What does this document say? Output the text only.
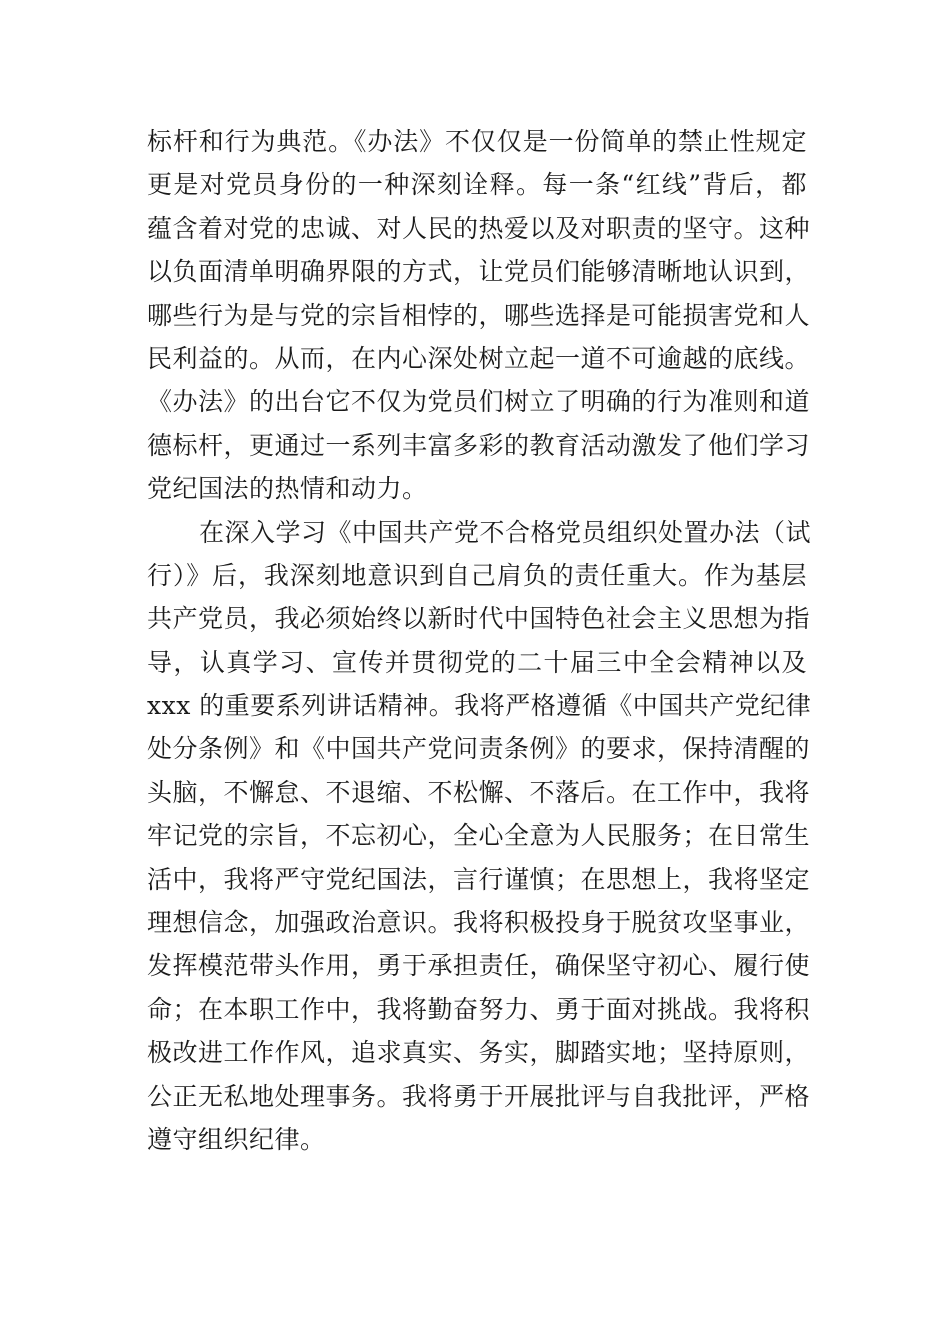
标杆和行为典范。《办法》不仅仅是一份简单的禁止性规定
更是对党员身份的一种深刻诠释。每一条“红线”背后，都
蕴含着对党的忠诚、对人民的热爱以及对职责的坚守。这种
以负面清单明确界限的方式，让党员们能够清晰地认识到，
哪些行为是与党的宗旨相悖的，哪些选择是可能损害党和人
民利益的。从而，在内心深处树立起一道不可逾越的底线。
《办法》的出台它不仅为党员们树立了明确的行为准则和道
德标杆，更通过一系列丰富多彩的教育活动激发了他们学习
党纪国法的热情和动力。
在深入学习《中国共产党不合格党员组织处置办法（试
行）》后，我深刻地意识到自己肩负的责任重大。作为基层
共产党员，我必须始终以新时代中国特色社会主义思想为指
导，认真学习、宣传并贯彻党的二十届三中全会精神以及
xxx 的重要系列讲话精神。我将严格遵循《中国共产党纪律
处分条例》和《中国共产党问责条例》的要求，保持清醒的
头脑，不懈怠、不退缩、不松懈、不落后。在工作中，我将
牢记党的宗旨，不忘初心，全心全意为人民服务；在日常生
活中，我将严守党纪国法，言行谨慎；在思想上，我将坚定
理想信念，加强政治意识。我将积极投身于脱贫攻坚事业，
发挥模范带头作用，勇于承担责任，确保坚守初心、履行使
命；在本职工作中，我将勤奋努力、勇于面对挑战。我将积
极改进工作作风，追求真实、务实，脚踏实地；坚持原则，
公正无私地处理事务。我将勇于开展批评与自我批评，严格
遵守组织纪律。
